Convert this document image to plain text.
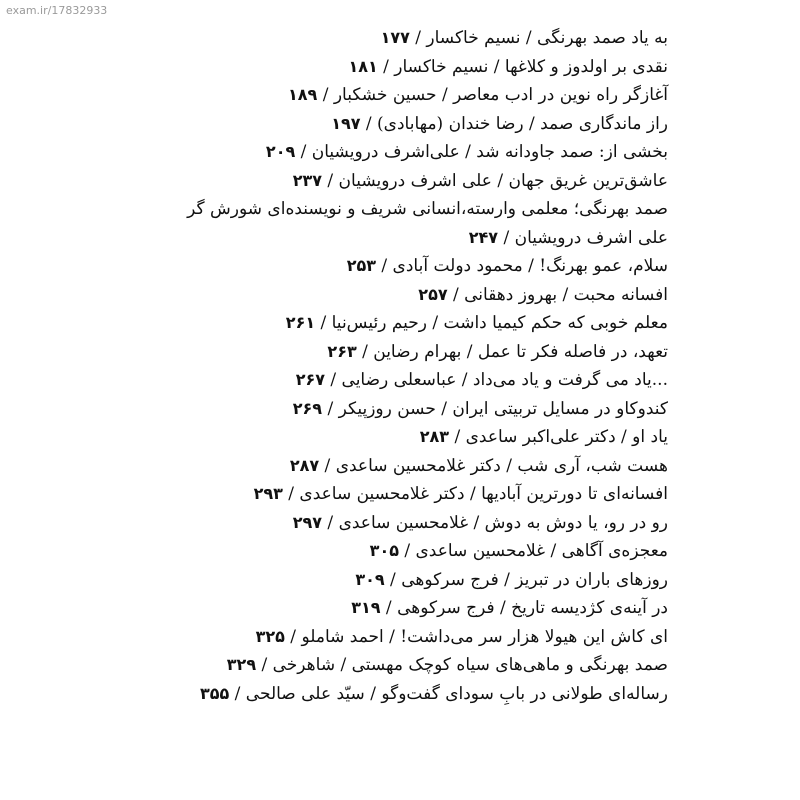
exam.ir/17832933
به یاد صمد بهرنگی / نسیم خاکسار / ۱۷۷
نقدی بر اولدوز و کلاغها / نسیم خاکسار / ۱۸۱
آغازگر راه نوین در ادب معاصر / حسین خشکبار / ۱۸۹
راز ماندگاری صمد / رضا خندان (مهابادی) / ۱۹۷
بخشی از: صمد جاودانه شد / علی‌اشرف درویشیان / ۲۰۹
عاشق‌ترین غریق جهان / علی اشرف درویشیان / ۲۳۷
صمد بهرنگی؛ معلمی وارسته،انسانی شریف و نویسنده‌ای شورش گر
علی اشرف درویشیان / ۲۴۷
سلام، عمو بهرنگ! / محمود دولت آبادی / ۲۵۳
افسانه محبت / بهروز دهقانی / ۲۵۷
معلم خوبی که حکم کیمیا داشت / رحیم رئیس‌نیا / ۲۶۱
تعهد، در فاصله فکر تا عمل / بهرام رضاین / ۲۶۳
...یاد می گرفت و یاد می‌داد / عباسعلی رضایی / ۲۶۷
کندوکاو در مسایل تربیتی ایران / حسن روزپیکر / ۲۶۹
یاد او / دکتر علی‌اکبر ساعدی / ۲۸۳
هست شب، آری شب / دکتر غلامحسین ساعدی / ۲۸۷
افسانه‌ای تا دورترین آبادیها / دکتر غلامحسین ساعدی / ۲۹۳
رو در رو، یا دوش به دوش / غلامحسین ساعدی / ۲۹۷
معجزه‌ی آگاهی / غلامحسین ساعدی / ۳۰۵
روزهای باران در تبریز / فرج سرکوهی / ۳۰۹
در آینه‌ی کژدیسه تاریخ / فرج سرکوهی / ۳۱۹
ای کاش این هیولا هزار سر می‌داشت! / احمد شاملو / ۳۲۵
صمد بهرنگی و ماهی‌های سیاه کوچک مهستی / شاهرخی / ۳۲۹
رساله‌ای طولانی در بابِ سودای گفت‌وگو / سیّد علی صالحی / ۳۵۵
